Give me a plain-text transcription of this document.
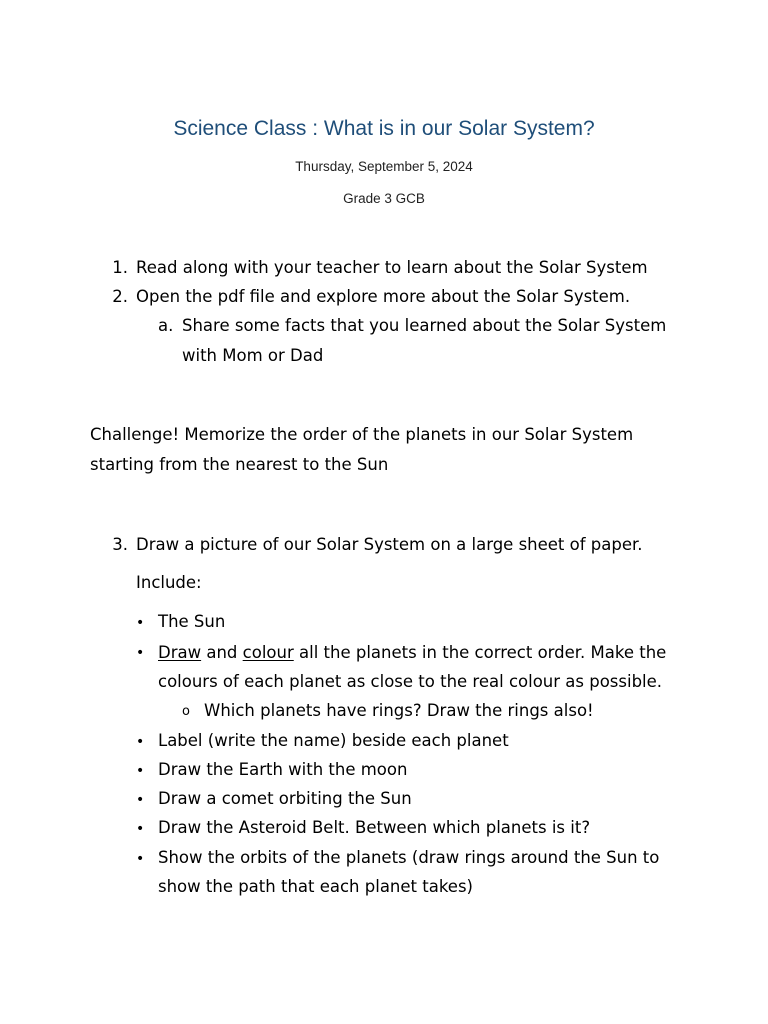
Science Class : What is in our Solar System?
Thursday, September 5, 2024
Grade 3 GCB
1. Read along with your teacher to learn about the Solar System
2. Open the pdf file and explore more about the Solar System.
a. Share some facts that you learned about the Solar System
with Mom or Dad
Challenge! Memorize the order of the planets in our Solar System
starting from the nearest to the Sun
3. Draw a picture of our Solar System on a large sheet of paper.
Include:
• The Sun
• Draw and colour all the planets in the correct order. Make the
colours of each planet as close to the real colour as possible.
o Which planets have rings? Draw the rings also!
• Label (write the name) beside each planet
• Draw the Earth with the moon
• Draw a comet orbiting the Sun
• Draw the Asteroid Belt. Between which planets is it?
• Show the orbits of the planets (draw rings around the Sun to
show the path that each planet takes)
